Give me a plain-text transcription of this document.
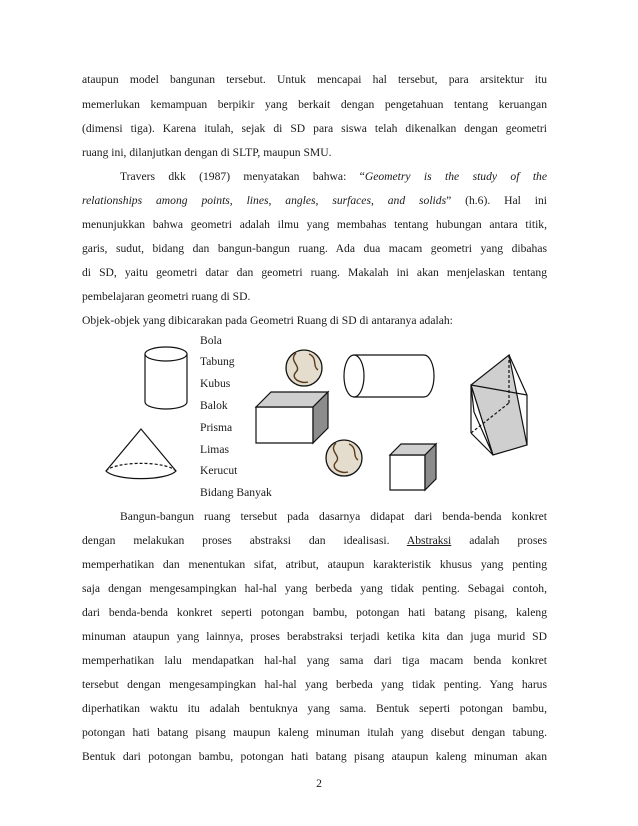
ataupun model bangunan tersebut. Untuk mencapai hal tersebut, para arsitektur itu
memerlukan kemampuan berpikir yang berkait dengan pengetahuan tentang keruangan
(dimensi tiga). Karena itulah, sejak di SD para siswa telah dikenalkan dengan geometri
ruang ini, dilanjutkan dengan di SLTP, maupun SMU.
Travers dkk (1987) menyatakan bahwa: “Geometry is the study of the
relationships among points, lines, angles, surfaces, and solids” (h.6). Hal ini
menunjukkan bahwa geometri adalah ilmu yang membahas tentang hubungan antara titik,
garis, sudut, bidang dan bangun-bangun ruang. Ada dua macam geometri yang dibahas
di SD, yaitu geometri datar dan geometri ruang. Makalah ini akan menjelaskan tentang
pembelajaran geometri ruang di SD.
Objek-objek yang dibicarakan pada Geometri Ruang di SD di antaranya adalah:
Bola
Tabung
Kubus
Balok
Prisma
Limas
Kerucut
Bidang Banyak
Bangun-bangun ruang tersebut pada dasarnya didapat dari benda-benda konkret
dengan melakukan proses abstraksi dan idealisasi. Abstraksi adalah proses
memperhatikan dan menentukan sifat, atribut, ataupun karakteristik khusus yang penting
saja dengan mengesampingkan hal-hal yang berbeda yang tidak penting. Sebagai contoh,
dari benda-benda konkret seperti potongan bambu, potongan hati batang pisang, kaleng
minuman ataupun yang lainnya, proses berabstraksi terjadi ketika kita dan juga murid SD
memperhatikan lalu mendapatkan hal-hal yang sama dari tiga macam benda konkret
tersebut dengan mengesampingkan hal-hal yang berbeda yang tidak penting. Yang harus
diperhatikan waktu itu adalah bentuknya yang sama. Bentuk seperti potongan bambu,
potongan hati batang pisang maupun kaleng minuman itulah yang disebut dengan tabung.
Bentuk dari potongan bambu, potongan hati batang pisang ataupun kaleng minuman akan
2
